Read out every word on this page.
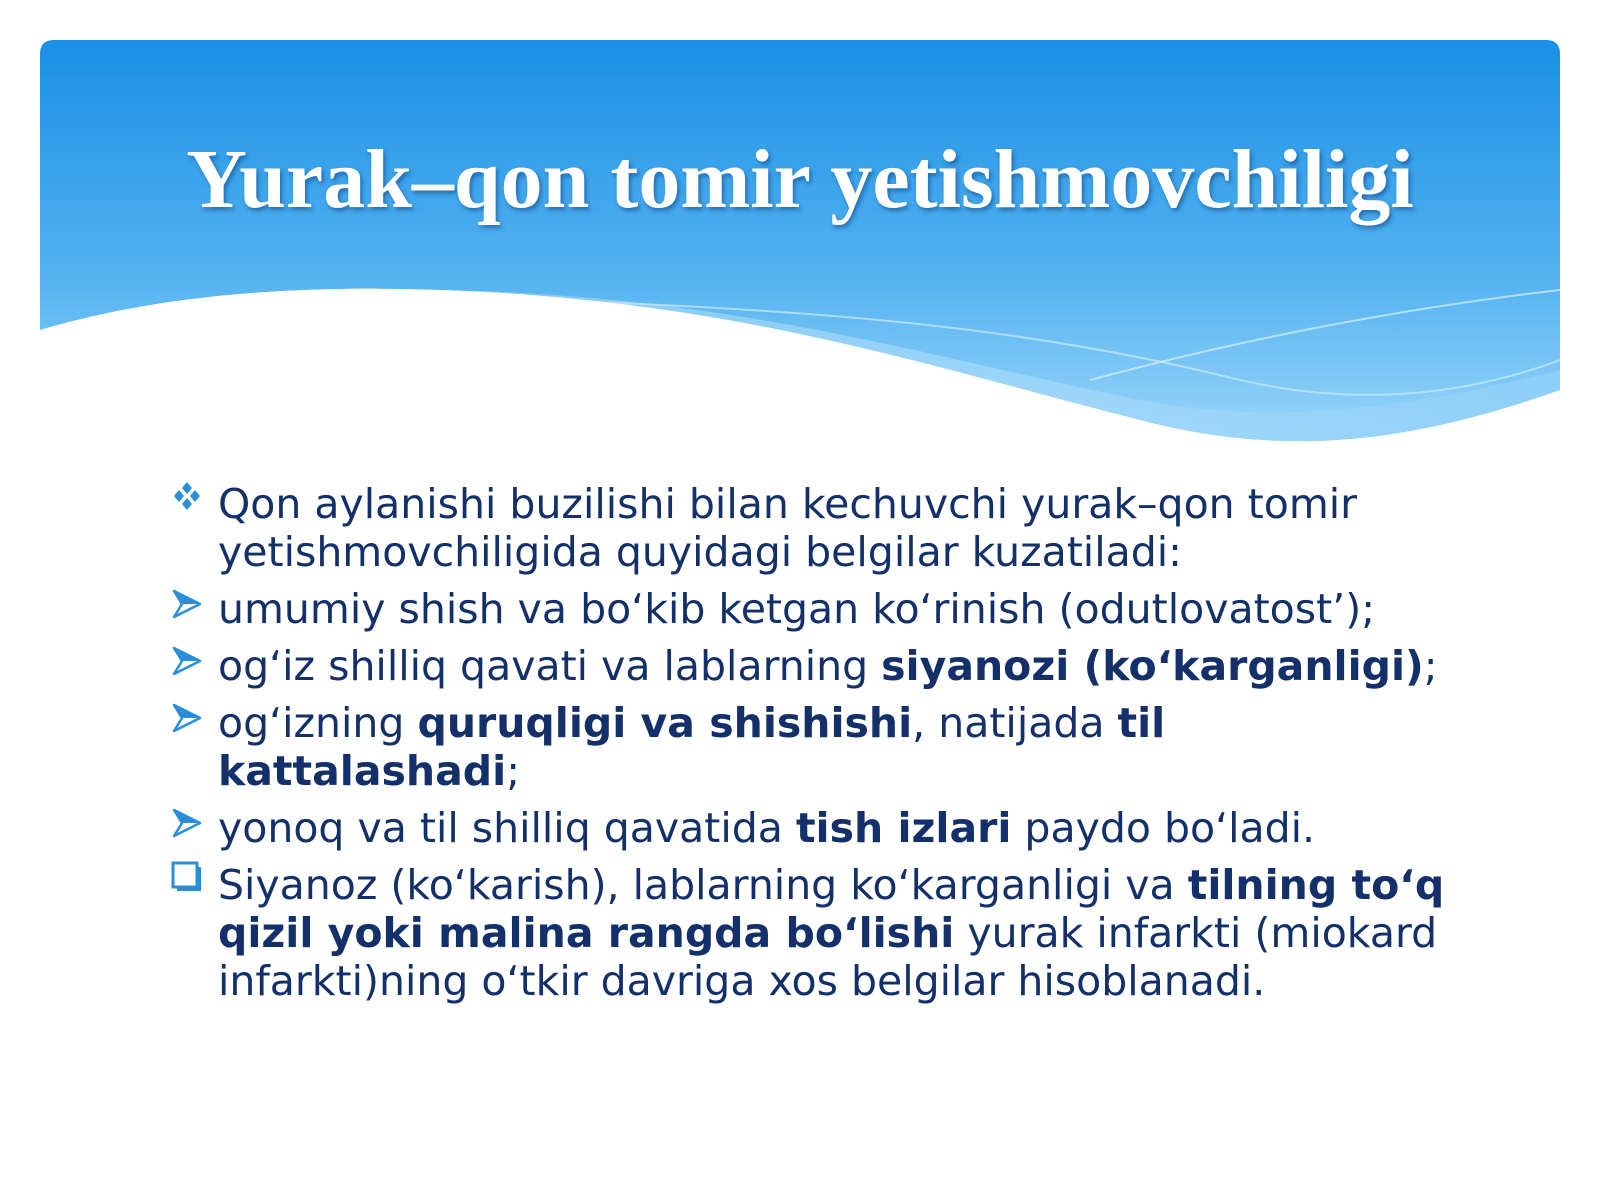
Yurak–qon tomir yetishmovchiligi
Qon aylanishi buzilishi bilan kechuvchi yurak–qon tomir yetishmovchiligida quyidagi belgilar kuzatiladi:
umumiy shish va bo‘kib ketgan ko‘rinish (odutlovatost’);
og‘iz shilliq qavati va lablarning siyanozi (ko‘karganligi);
og‘izning quruqligi va shishishi, natijada til kattalashadi;
yonoq va til shilliq qavatida tish izlari paydo bo‘ladi.
Siyanoz (ko‘karish), lablarning ko‘karganligi va tilning to‘q qizil yoki malina rangda bo‘lishi yurak infarkti (miokard infarkti)ning o‘tkir davriga xos belgilar hisoblanadi.
